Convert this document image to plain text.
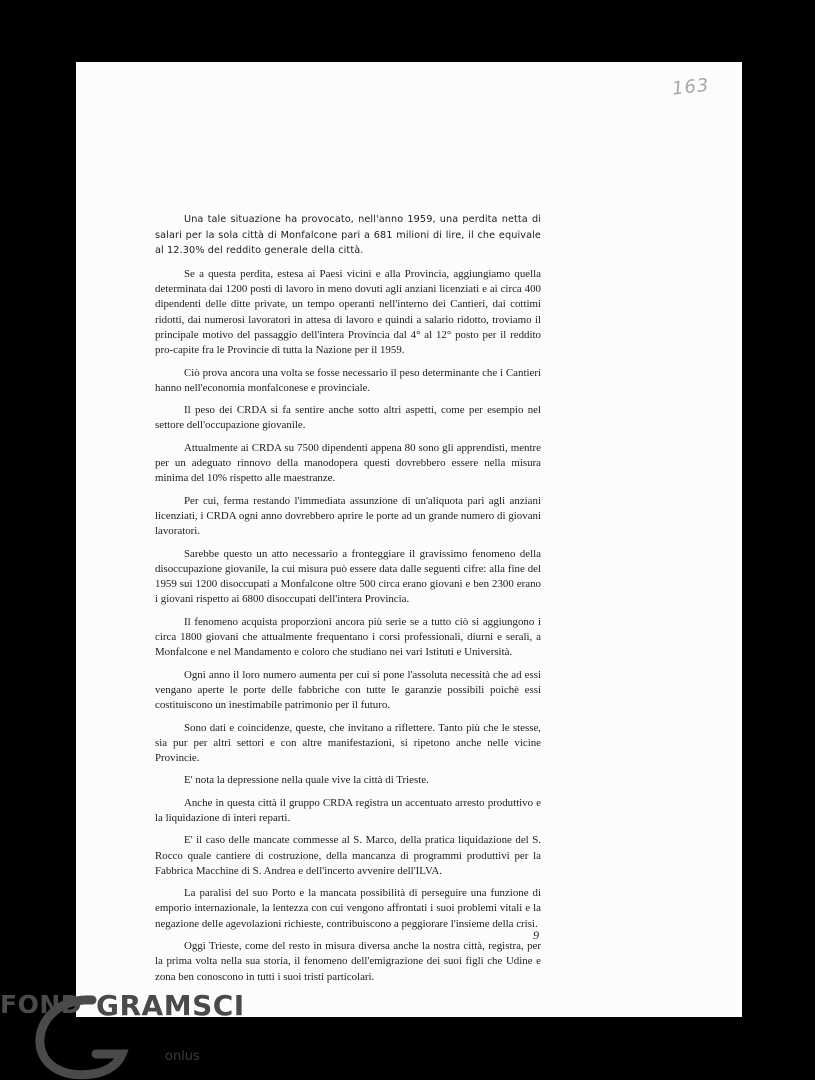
163

Una tale situazione ha provocato, nell'anno 1959, una perdita netta di salari per la sola città di Monfalcone pari a 681 milioni di lire, il che equivale al 12.30% del reddito generale della città.

Se a questa perdita, estesa ai Paesi vicini e alla Provincia, aggiungiamo quella determinata dai 1200 posti di lavoro in meno dovuti agli anziani licenziati e ai circa 400 dipendenti delle ditte private, un tempo operanti nell'interno dei Cantieri, dai cottimi ridotti, dai numerosi lavoratori in attesa di lavoro e quindi a salario ridotto, troviamo il principale motivo del passaggio dell'intera Provincia dal 4° al 12° posto per il reddito pro-capite fra le Provincie di tutta la Nazione per il 1959.

Ciò prova ancora una volta se fosse necessario il peso determinante che i Cantieri hanno nell'economia monfalconese e provinciale.

Il peso dei CRDA si fa sentire anche sotto altri aspetti, come per esempio nel settore dell'occupazione giovanile.

Attualmente ai CRDA su 7500 dipendenti appena 80 sono gli apprendisti, mentre per un adeguato rinnovo della manodopera questi dovrebbero essere nella misura minima del 10% rispetto alle maestranze.

Per cui, ferma restando l'immediata assunzione di un'aliquota pari agli anziani licenziati, i CRDA ogni anno dovrebbero aprire le porte ad un grande numero di giovani lavoratori.

Sarebbe questo un atto necessario a fronteggiare il gravissimo fenomeno della disoccupazione giovanile, la cui misura può essere data dalle seguenti cifre: alla fine del 1959 sui 1200 disoccupati a Monfalcone oltre 500 circa erano giovani e ben 2300 erano i giovani rispetto ai 6800 disoccupati dell'intera Provincia.

Il fenomeno acquista proporzioni ancora più serie se a tutto ciò si aggiungono i circa 1800 giovani che attualmente frequentano i corsi professionali, diurni e serali, a Monfalcone e nel Mandamento e coloro che studiano nei vari Istituti e Università.

Ogni anno il loro numero aumenta per cui si pone l'assoluta necessità che ad essi vengano aperte le porte delle fabbriche con tutte le garanzie possibili poichè essi costituiscono un inestimabile patrimonio per il futuro.

Sono dati e coincidenze, queste, che invitano a riflettere. Tanto più che le stesse, sia pur per altri settori e con altre manifestazioni, si ripetono anche nelle vicine Provincie.

E' nota la depressione nella quale vive la città di Trieste.

Anche in questa città il gruppo CRDA registra un accentuato arresto produttivo e la liquidazione di interi reparti.

E' il caso delle mancate commesse al S. Marco, della pratica liquidazione del S. Rocco quale cantiere di costruzione, della mancanza di programmi produttivi per la Fabbrica Macchine di S. Andrea e dell'incerto avvenire dell'ILVA.

La paralisi del suo Porto e la mancata possibilità di perseguire una funzione di emporio internazionale, la lentezza con cui vengono affrontati i suoi problemi vitali e la negazione delle agevolazioni richieste, contribuiscono a peggiorare l'insieme della crisi.

Oggi Trieste, come del resto in misura diversa anche la nostra città, registra, per la prima volta nella sua storia, il fenomeno dell'emigrazione dei suoi figli che Udine e zona ben conoscono in tutti i suoi tristi particolari.

9
FOND GRAMSCI
onlus
